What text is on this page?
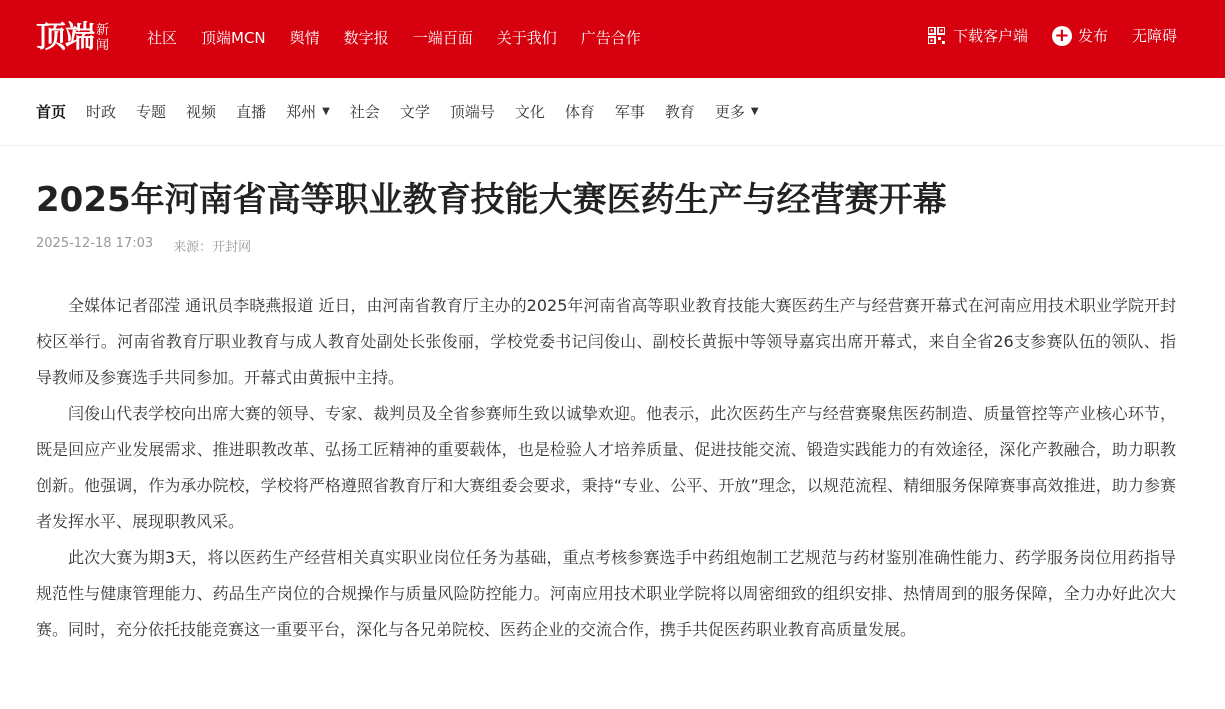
顶端 新
闻	社区 顶端MCN 舆情 数字报 一端百面 关于我们 广告合作	下载客户端 + 发布 无障碍
首页 时政 专题 视频 直播 郑州 ▼ 社会 文学 顶端号 文化 体育 军事 教育 更多 ▼
2025年河南省高等职业教育技能大赛医药生产与经营赛开幕
2025-12-18 17:03 来源：开封网

全媒体记者邵滢 通讯员李晓燕报道 近日，由河南省教育厅主办的2025年河南省高等职业教育技能大赛医药生产与经营赛开幕式在河南应用技术职业学院开封校区举行。河南省教育厅职业教育与成人教育处副处长张俊丽，学校党委书记闫俊山、副校长黄振中等领导嘉宾出席开幕式，来自全省26支参赛队伍的领队、指导教师及参赛选手共同参加。开幕式由黄振中主持。

闫俊山代表学校向出席大赛的领导、专家、裁判员及全省参赛师生致以诚挚欢迎。他表示，此次医药生产与经营赛聚焦医药制造、质量管控等产业核心环节，既是回应产业发展需求、推进职教改革、弘扬工匠精神的重要载体，也是检验人才培养质量、促进技能交流、锻造实践能力的有效途径，深化产教融合，助力职教创新。他强调，作为承办院校，学校将严格遵照省教育厅和大赛组委会要求，秉持“专业、公平、开放”理念，以规范流程、精细服务保障赛事高效推进，助力参赛者发挥水平、展现职教风采。

此次大赛为期3天，将以医药生产经营相关真实职业岗位任务为基础，重点考核参赛选手中药组炮制工艺规范与药材鉴别准确性能力、药学服务岗位用药指导规范性与健康管理能力、药品生产岗位的合规操作与质量风险防控能力。河南应用技术职业学院将以周密细致的组织安排、热情周到的服务保障，全力办好此次大赛。同时，充分依托技能竞赛这一重要平台，深化与各兄弟院校、医药企业的交流合作，携手共促医药职业教育高质量发展。
